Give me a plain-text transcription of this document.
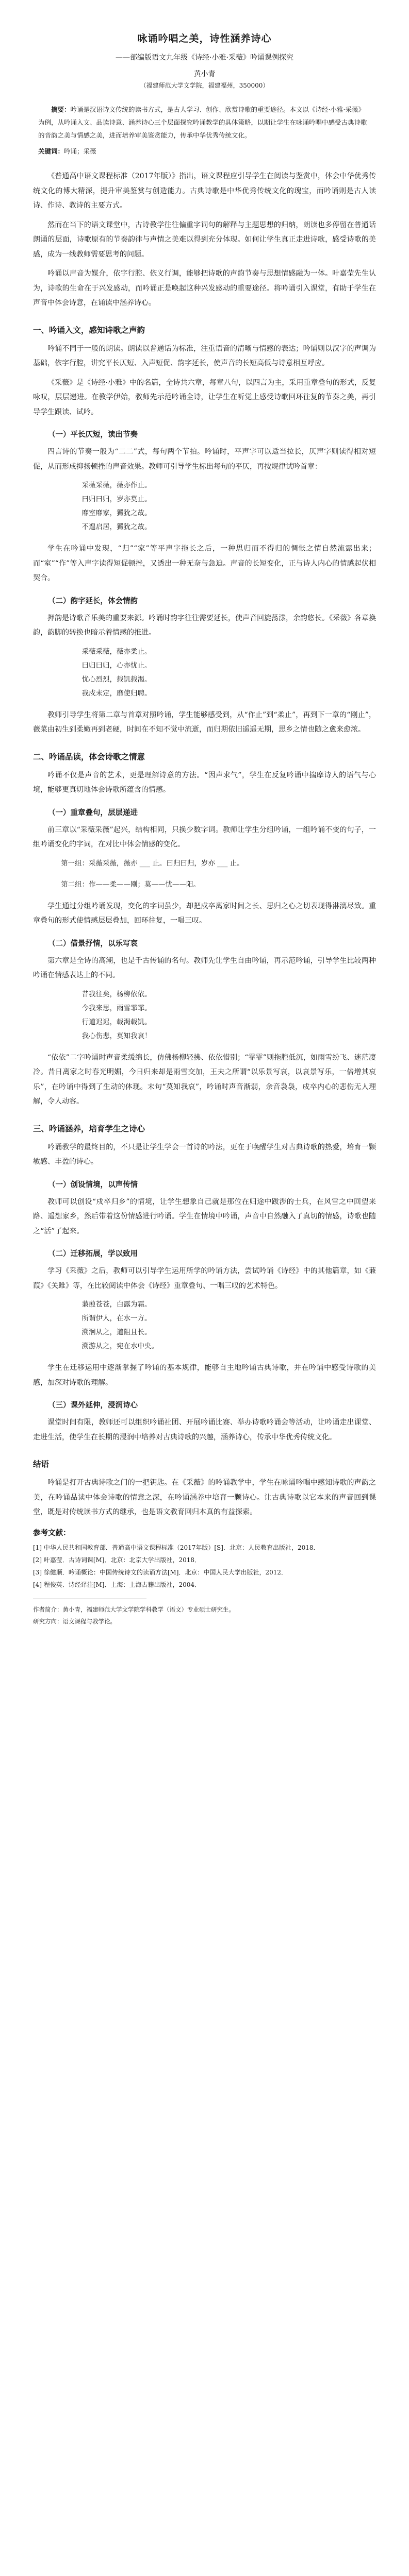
咏诵吟唱之美，诗性涵养诗心
——部编版语文九年级《诗经·小雅·采薇》吟诵课例探究
黄小青
（福建师范大学文学院，福建福州，350000）
摘要：吟诵是汉语诗文传统的读书方式，是古人学习、创作、欣赏诗歌的重要途径。本文以《诗经·小雅·采薇》为例，从吟诵入文、品读诗意、涵养诗心三个层面探究吟诵教学的具体策略，以期让学生在咏诵吟唱中感受古典诗歌的音韵之美与情感之美，进而培养审美鉴赏能力，传承中华优秀传统文化。
关键词：吟诵；采薇

《普通高中语文课程标准（2017年版）》指出，语文课程应引导学生在阅读与鉴赏中，体会中华优秀传统文化的博大精深，提升审美鉴赏与创造能力。古典诗歌是中华优秀传统文化的瑰宝，而吟诵则是古人读诗、作诗、教诗的主要方式。

然而在当下的语文课堂中，古诗教学往往偏重字词句的解释与主题思想的归纳，朗读也多停留在普通话朗诵的层面，诗歌原有的节奏韵律与声情之美难以得到充分体现。如何让学生真正走进诗歌，感受诗歌的美感，成为一线教师需要思考的问题。

吟诵以声音为媒介，依字行腔、依义行调，能够把诗歌的声韵节奏与思想情感融为一体。叶嘉莹先生认为，诗歌的生命在于兴发感动，而吟诵正是唤起这种兴发感动的重要途径。将吟诵引入课堂，有助于学生在声音中体会诗意，在诵读中涵养诗心。

一、吟诵入文，感知诗歌之声韵

吟诵不同于一般的朗读。朗读以普通话为标准，注重语音的清晰与情感的表达；吟诵则以汉字的声调为基础，依字行腔，讲究平长仄短、入声短促、韵字延长，使声音的长短高低与诗意相互呼应。

《采薇》是《诗经·小雅》中的名篇，全诗共六章，每章八句，以四言为主，采用重章叠句的形式，反复咏叹，层层递进。在教学伊始，教师先示范吟诵全诗，让学生在听觉上感受诗歌回环往复的节奏之美，再引导学生跟读、试吟。

（一）平长仄短，读出节奏

四言诗的节奏一般为“二二”式，每句两个节拍。吟诵时，平声字可以适当拉长，仄声字则读得相对短促，从而形成抑扬顿挫的声音效果。教师可引导学生标出每句的平仄，再按规律试吟首章：

采薇采薇，薇亦作止。
曰归曰归，岁亦莫止。
靡室靡家，玁狁之故。
不遑启居，玁狁之故。

学生在吟诵中发现，“归”“家”等平声字拖长之后，一种思归而不得归的惆怅之情自然流露出来；而“室”“作”等入声字读得短促顿挫，又透出一种无奈与急迫。声音的长短变化，正与诗人内心的情感起伏相契合。

（二）韵字延长，体会情韵

押韵是诗歌音乐美的重要来源。吟诵时韵字往往需要延长，使声音回旋荡漾，余韵悠长。《采薇》各章换韵，韵脚的转换也暗示着情感的推进。

采薇采薇，薇亦柔止。
曰归曰归，心亦忧止。
忧心烈烈，载饥载渴。
我戍未定，靡使归聘。

教师引导学生将第二章与首章对照吟诵，学生能够感受到，从“作止”到“柔止”，再到下一章的“刚止”，薇菜由初生到柔嫩再到老硬，时间在不知不觉中流逝，而归期依旧遥遥无期，思乡之情也随之愈来愈浓。

二、吟诵品读，体会诗歌之情意

吟诵不仅是声音的艺术，更是理解诗意的方法。“因声求气”，学生在反复吟诵中揣摩诗人的语气与心境，能够更真切地体会诗歌所蕴含的情感。

（一）重章叠句，层层递进

前三章以“采薇采薇”起兴，结构相同，只换少数字词。教师让学生分组吟诵，一组吟诵不变的句子，一组吟诵变化的字词，在对比中体会情感的变化。

第一组：采薇采薇，薇亦 ___ 止。曰归曰归，岁亦 ___ 止。
第二组：作——柔——刚；莫——忧——阳。

学生通过分组吟诵发现，变化的字词虽少，却把戍卒离家时间之长、思归之心之切表现得淋漓尽致。重章叠句的形式使情感层层叠加，回环往复，一唱三叹。

（二）借景抒情，以乐写哀

第六章是全诗的高潮，也是千古传诵的名句。教师先让学生自由吟诵，再示范吟诵，引导学生比较两种吟诵在情感表达上的不同。

昔我往矣，杨柳依依。
今我来思，雨雪霏霏。
行道迟迟，载渴载饥。
我心伤悲，莫知我哀！

“依依”二字吟诵时声音柔缓绵长，仿佛杨柳轻拂、依依惜别；“霏霏”则拖腔低沉，如雨雪纷飞、迷茫凄冷。昔日离家之时春光明媚，今日归来却是雨雪交加，王夫之所谓“以乐景写哀，以哀景写乐，一倍增其哀乐”，在吟诵中得到了生动的体现。末句“莫知我哀”，吟诵时声音渐弱，余音袅袅，戍卒内心的悲伤无人理解，令人动容。

三、吟诵涵养，培育学生之诗心

吟诵教学的最终目的，不只是让学生学会一首诗的吟法，更在于唤醒学生对古典诗歌的热爱，培育一颗敏感、丰盈的诗心。

（一）创设情境，以声传情

教师可以创设“戍卒归乡”的情境，让学生想象自己就是那位在归途中跋涉的士兵，在风雪之中回望来路、遥想家乡，然后带着这份情感进行吟诵。学生在情境中吟诵，声音中自然融入了真切的情感，诗歌也随之“活”了起来。

（二）迁移拓展，学以致用

学习《采薇》之后，教师可以引导学生运用所学的吟诵方法，尝试吟诵《诗经》中的其他篇章，如《蒹葭》《关雎》等，在比较阅读中体会《诗经》重章叠句、一唱三叹的艺术特色。

蒹葭苍苍，白露为霜。
所谓伊人，在水一方。
溯洄从之，道阻且长。
溯游从之，宛在水中央。

学生在迁移运用中逐渐掌握了吟诵的基本规律，能够自主地吟诵古典诗歌，并在吟诵中感受诗歌的美感，加深对诗歌的理解。

（三）课外延伸，浸润诗心

课堂时间有限，教师还可以组织吟诵社团、开展吟诵比赛、举办诗歌吟诵会等活动，让吟诵走出课堂、走进生活，使学生在长期的浸润中培养对古典诗歌的兴趣，涵养诗心，传承中华优秀传统文化。

结语

吟诵是打开古典诗歌之门的一把钥匙。在《采薇》的吟诵教学中，学生在咏诵吟唱中感知诗歌的声韵之美，在吟诵品读中体会诗歌的情意之深，在吟诵涵养中培育一颗诗心。让古典诗歌以它本来的声音回到课堂，既是对传统读书方式的继承，也是语文教育回归本真的有益探索。

参考文献：
[1] 中华人民共和国教育部．普通高中语文课程标准（2017年版）[S]．北京：人民教育出版社，2018．
[2] 叶嘉莹．古诗词课[M]．北京：北京大学出版社，2018．
[3] 徐健顺．吟诵概论：中国传统诗文的读诵方法[M]．北京：中国人民大学出版社，2012．
[4] 程俊英．诗经译注[M]．上海：上海古籍出版社，2004．
作者简介：黄小青，福建师范大学文学院学科教学（语文）专业硕士研究生。
研究方向：语文课程与教学论。
